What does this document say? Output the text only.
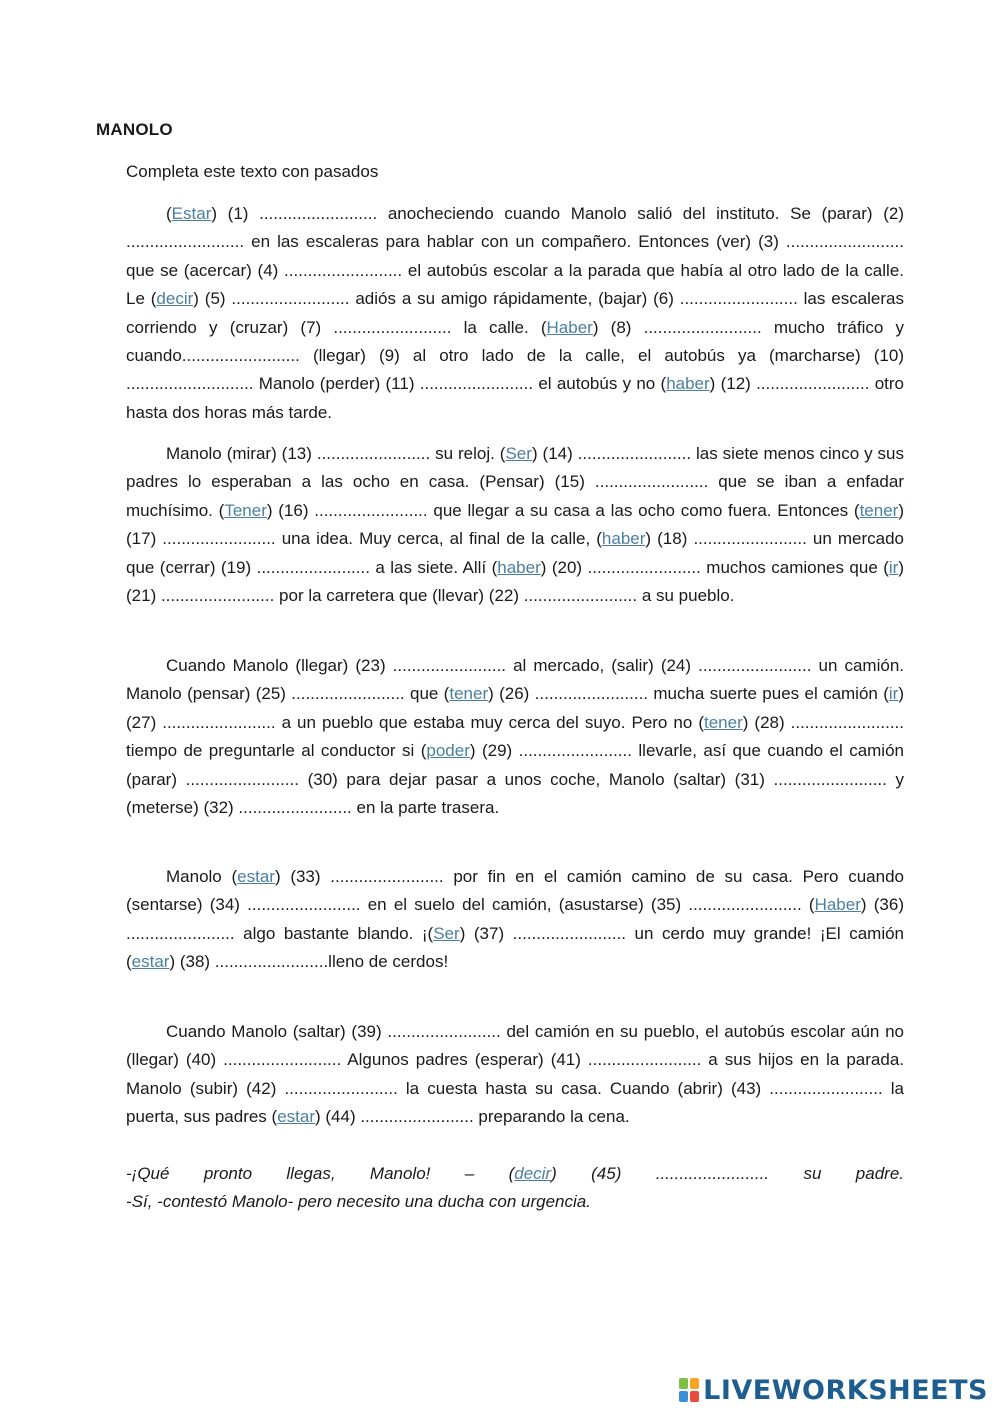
MANOLO
Completa este texto con pasados

(Estar) (1) ......................... anocheciendo cuando Manolo salió del instituto. Se (parar) (2) ......................... en las escaleras para hablar con un compañero. Entonces (ver) (3) ......................... que se (acercar) (4) ......................... el autobús escolar a la parada que había al otro lado de la calle. Le (decir) (5) ......................... adiós a su amigo rápidamente, (bajar) (6) ......................... las escaleras corriendo y (cruzar) (7) ......................... la calle. (Haber) (8) ......................... mucho tráfico y cuando......................... (llegar) (9) al otro lado de la calle, el autobús ya (marcharse) (10) ........................... Manolo (perder) (11) ........................ el autobús y no (haber) (12) ........................ otro hasta dos horas más tarde.

Manolo (mirar) (13) ........................ su reloj. (Ser) (14) ........................ las siete menos cinco y sus padres lo esperaban a las ocho en casa. (Pensar) (15) ........................ que se iban a enfadar muchísimo. (Tener) (16) ........................ que llegar a su casa a las ocho como fuera. Entonces (tener) (17) ........................ una idea. Muy cerca, al final de la calle, (haber) (18) ........................ un mercado que (cerrar) (19) ........................ a las siete. Allí (haber) (20) ........................ muchos camiones que (ir) (21) ........................ por la carretera que (llevar) (22) ........................ a su pueblo.

Cuando Manolo (llegar) (23) ........................ al mercado, (salir) (24) ........................ un camión. Manolo (pensar) (25) ........................ que (tener) (26) ........................ mucha suerte pues el camión (ir) (27) ........................ a un pueblo que estaba muy cerca del suyo. Pero no (tener) (28) ........................ tiempo de preguntarle al conductor si (poder) (29) ........................ llevarle, así que cuando el camión (parar) ........................ (30) para dejar pasar a unos coche, Manolo (saltar) (31) ........................ y (meterse) (32) ........................ en la parte trasera.

Manolo (estar) (33) ........................ por fin en el camión camino de su casa. Pero cuando (sentarse) (34) ........................ en el suelo del camión, (asustarse) (35) ........................ (Haber) (36) ....................... algo bastante blando. ¡(Ser) (37) ........................ un cerdo muy grande! ¡El camión (estar) (38) ........................lleno de cerdos!

Cuando Manolo (saltar) (39) ........................ del camión en su pueblo, el autobús escolar aún no (llegar) (40) ......................... Algunos padres (esperar) (41) ........................ a sus hijos en la parada. Manolo (subir) (42) ........................ la cuesta hasta su casa. Cuando (abrir) (43) ........................ la puerta, sus padres (estar) (44) ........................ preparando la cena.

-¡Qué pronto llegas, Manolo! – (decir) (45) ........................ su padre.
-Sí, -contestó Manolo- pero necesito una ducha con urgencia.
LIVEWORKSHEETS
